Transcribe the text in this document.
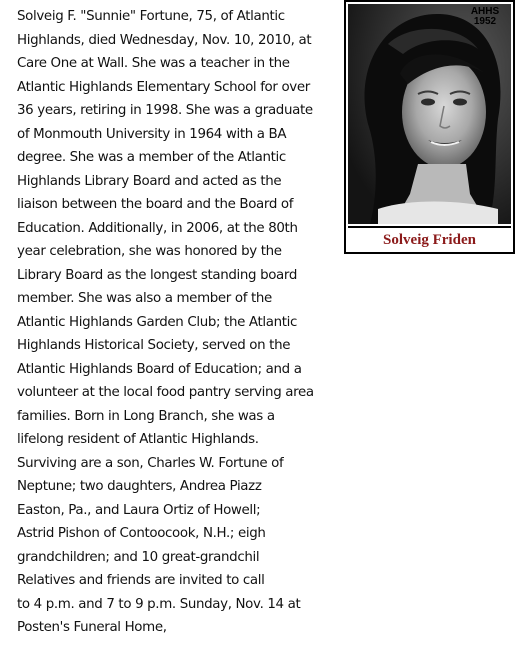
Solveig F. "Sunnie" Fortune, 75, of Atlantic
Highlands, died Wednesday, Nov. 10, 2010, at
Care One at Wall. She was a teacher in the
Atlantic Highlands Elementary School for over
36 years, retiring in 1998. She was a graduate
of Monmouth University in 1964 with a BA
degree. She was a member of the Atlantic
Highlands Library Board and acted as the
liaison between the board and the Board of
Education. Additionally, in 2006, at the 80th
year celebration, she was honored by the
Library Board as the longest standing board
member. She was also a member of the
Atlantic Highlands Garden Club; the Atlantic
Highlands Historical Society, served on the
Atlantic Highlands Board of Education; and a
volunteer at the local food pantry serving area
families. Born in Long Branch, she was a
lifelong resident of Atlantic Highlands.
Surviving are a son, Charles W. Fortune of
Neptune; two daughters, Andrea Piazz
Easton, Pa., and Laura Ortiz of Howell;
Astrid Pishon of Contoocook, N.H.; eigh
grandchildren; and 10 great-grandchil
Relatives and friends are invited to call
to 4 p.m. and 7 to 9 p.m. Sunday, Nov. 14 at
Posten's Funeral Home,
AHHS
1952
Solveig Friden
